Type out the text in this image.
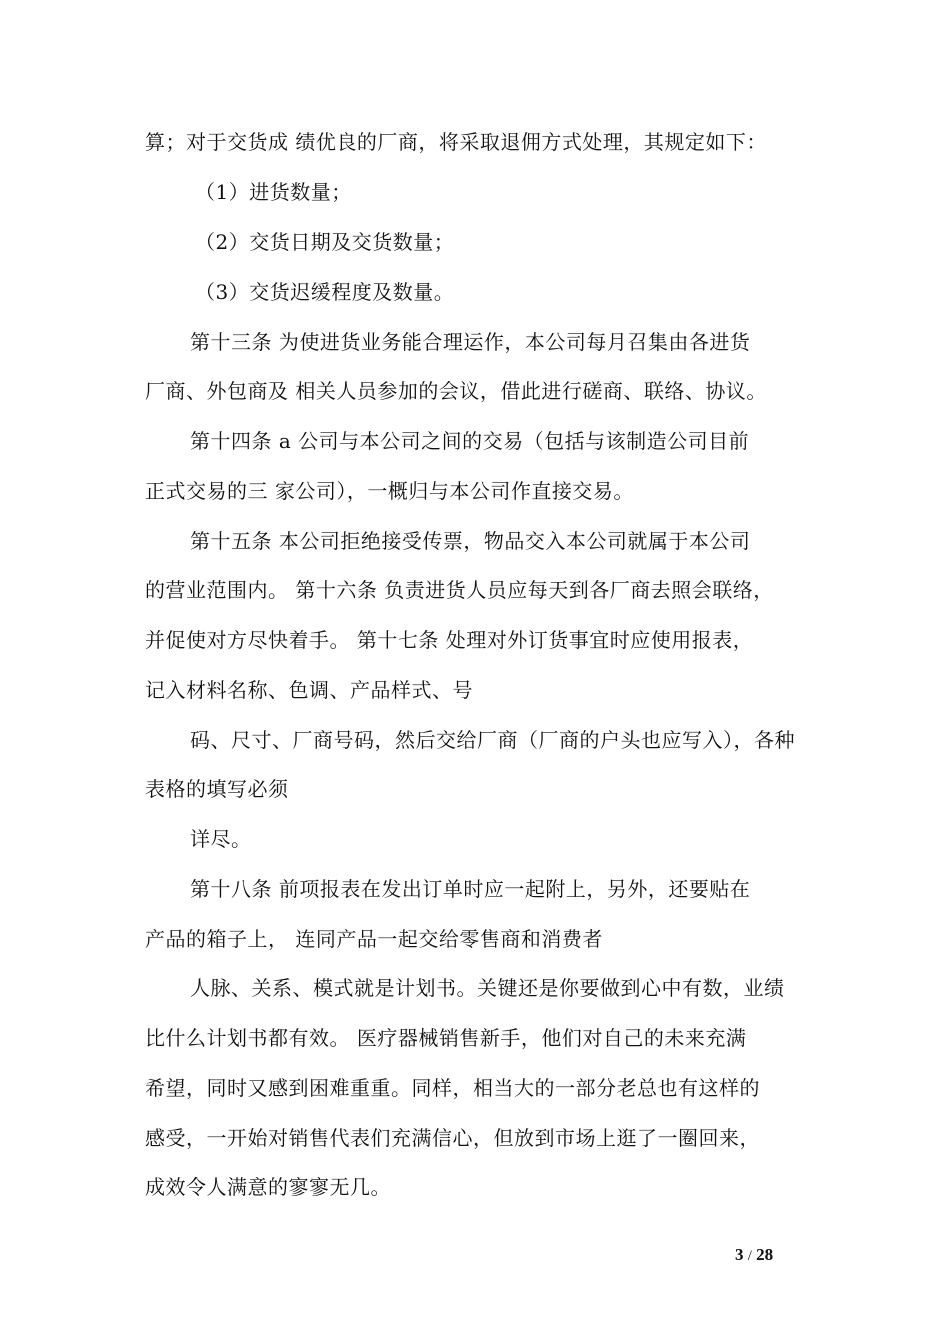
算；对于交货成 绩优良的厂商，将采取退佣方式处理，其规定如下：
（1）进货数量；
（2）交货日期及交货数量；
（3）交货迟缓程度及数量。
第十三条 为使进货业务能合理运作，本公司每月召集由各进货
厂商、外包商及 相关人员参加的会议，借此进行磋商、联络、协议。
第十四条 a 公司与本公司之间的交易（包括与该制造公司目前
正式交易的三 家公司），一概归与本公司作直接交易。
第十五条 本公司拒绝接受传票，物品交入本公司就属于本公司
的营业范围内。 第十六条 负责进货人员应每天到各厂商去照会联络，
并促使对方尽快着手。 第十七条 处理对外订货事宜时应使用报表，
记入材料名称、色调、产品样式、号
码、尺寸、厂商号码，然后交给厂商（厂商的户头也应写入），各种
表格的填写必须
详尽。
第十八条 前项报表在发出订单时应一起附上，另外，还要贴在
产品的箱子上， 连同产品一起交给零售商和消费者
人脉、关系、模式就是计划书。关键还是你要做到心中有数，业绩
比什么计划书都有效。 医疗器械销售新手，他们对自己的未来充满
希望，同时又感到困难重重。同样，相当大的一部分老总也有这样的
感受，一开始对销售代表们充满信心，但放到市场上逛了一圈回来，
成效令人满意的寥寥无几。
3 / 28
